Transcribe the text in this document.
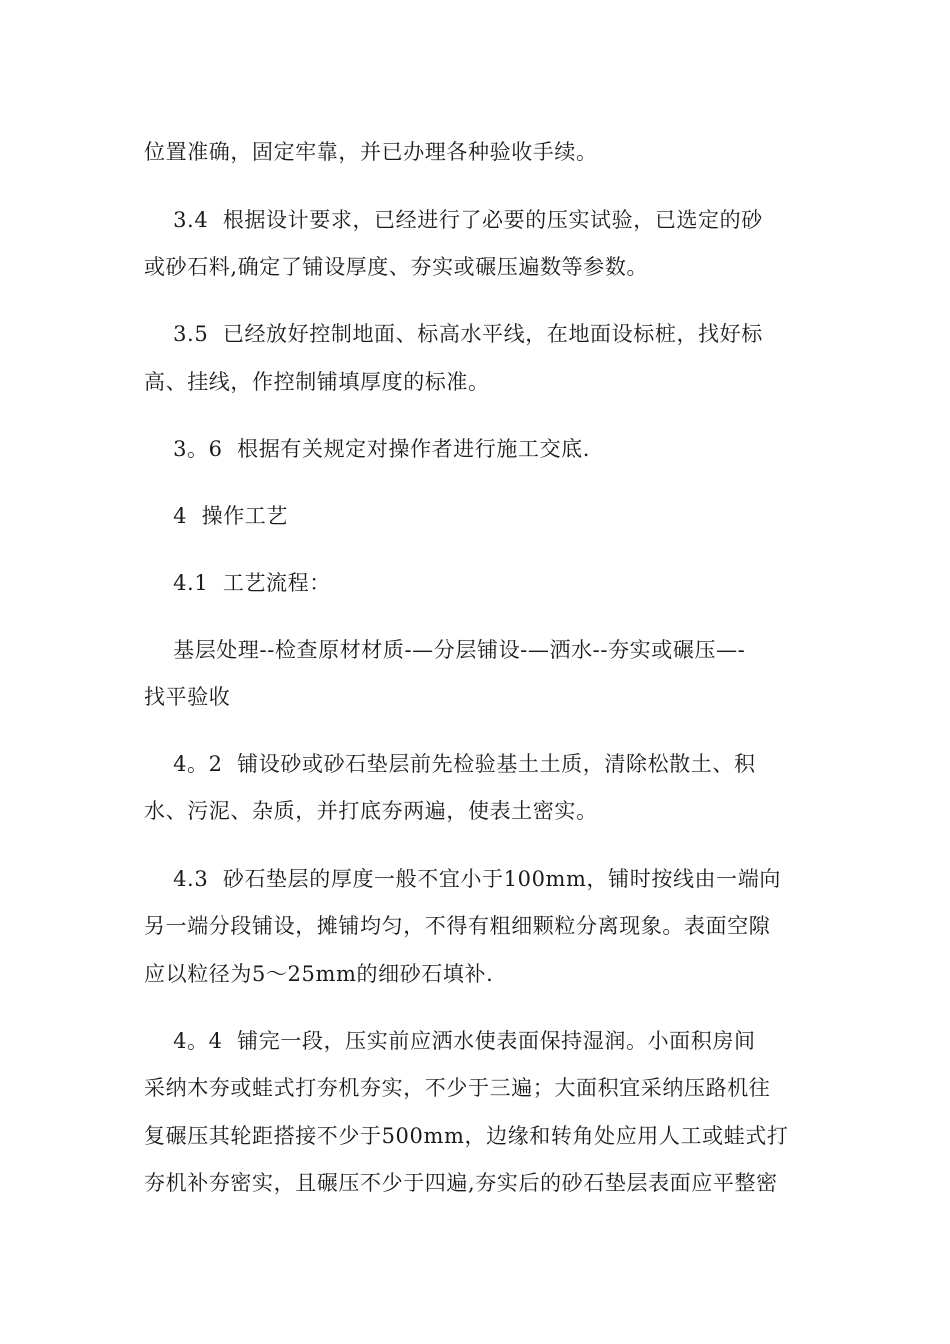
位置准确，固定牢靠，并已办理各种验收手续。
3.4  根据设计要求，已经进行了必要的压实试验，已选定的砂
或砂石料,确定了铺设厚度、夯实或碾压遍数等参数。
3.5  已经放好控制地面、标高水平线，在地面设标桩，找好标
高、挂线，作控制铺填厚度的标准。
3。6  根据有关规定对操作者进行施工交底.
4  操作工艺
4.1  工艺流程：
基层处理--检查原材材质-—分层铺设-—洒水--夯实或碾压—-
找平验收
4。2  铺设砂或砂石垫层前先检验基土土质，清除松散土、积
水、污泥、杂质，并打底夯两遍，使表土密实。
4.3  砂石垫层的厚度一般不宜小于100mm，铺时按线由一端向
另一端分段铺设，摊铺均匀，不得有粗细颗粒分离现象。表面空隙
应以粒径为5～25mm的细砂石填补.
4。4  铺完一段，压实前应洒水使表面保持湿润。小面积房间
采纳木夯或蛙式打夯机夯实，不少于三遍；大面积宜采纳压路机往
复碾压其轮距搭接不少于500mm，边缘和转角处应用人工或蛙式打
夯机补夯密实，且碾压不少于四遍,夯实后的砂石垫层表面应平整密
